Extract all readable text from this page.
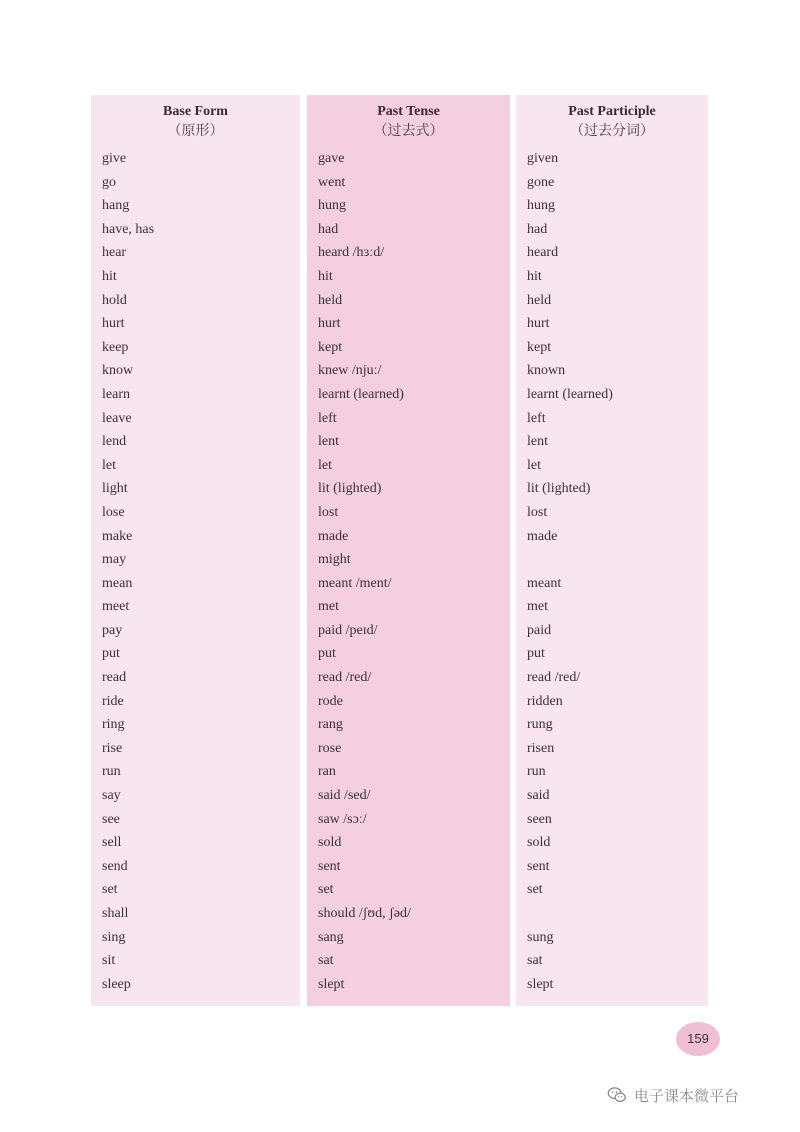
Base Form
（原形）
give
go
hang
have, has
hear
hit
hold
hurt
keep
know
learn
leave
lend
let
light
lose
make
may
mean
meet
pay
put
read
ride
ring
rise
run
say
see
sell
send
set
shall
sing
sit
sleep
Past Tense
（过去式）
gave
went
hung
had
heard /hɜːd/
hit
held
hurt
kept
knew /njuː/
learnt (learned)
left
lent
let
lit (lighted)
lost
made
might
meant /ment/
met
paid /peɪd/
put
read /red/
rode
rang
rose
ran
said /sed/
saw /sɔː/
sold
sent
set
should /ʃʊd, ʃəd/
sang
sat
slept
Past Participle
（过去分词）
given
gone
hung
had
heard
hit
held
hurt
kept
known
learnt (learned)
left
lent
let
lit (lighted)
lost
made
meant
met
paid
put
read /red/
ridden
rung
risen
run
said
seen
sold
sent
set
sung
sat
slept
159
电子课本微平台
